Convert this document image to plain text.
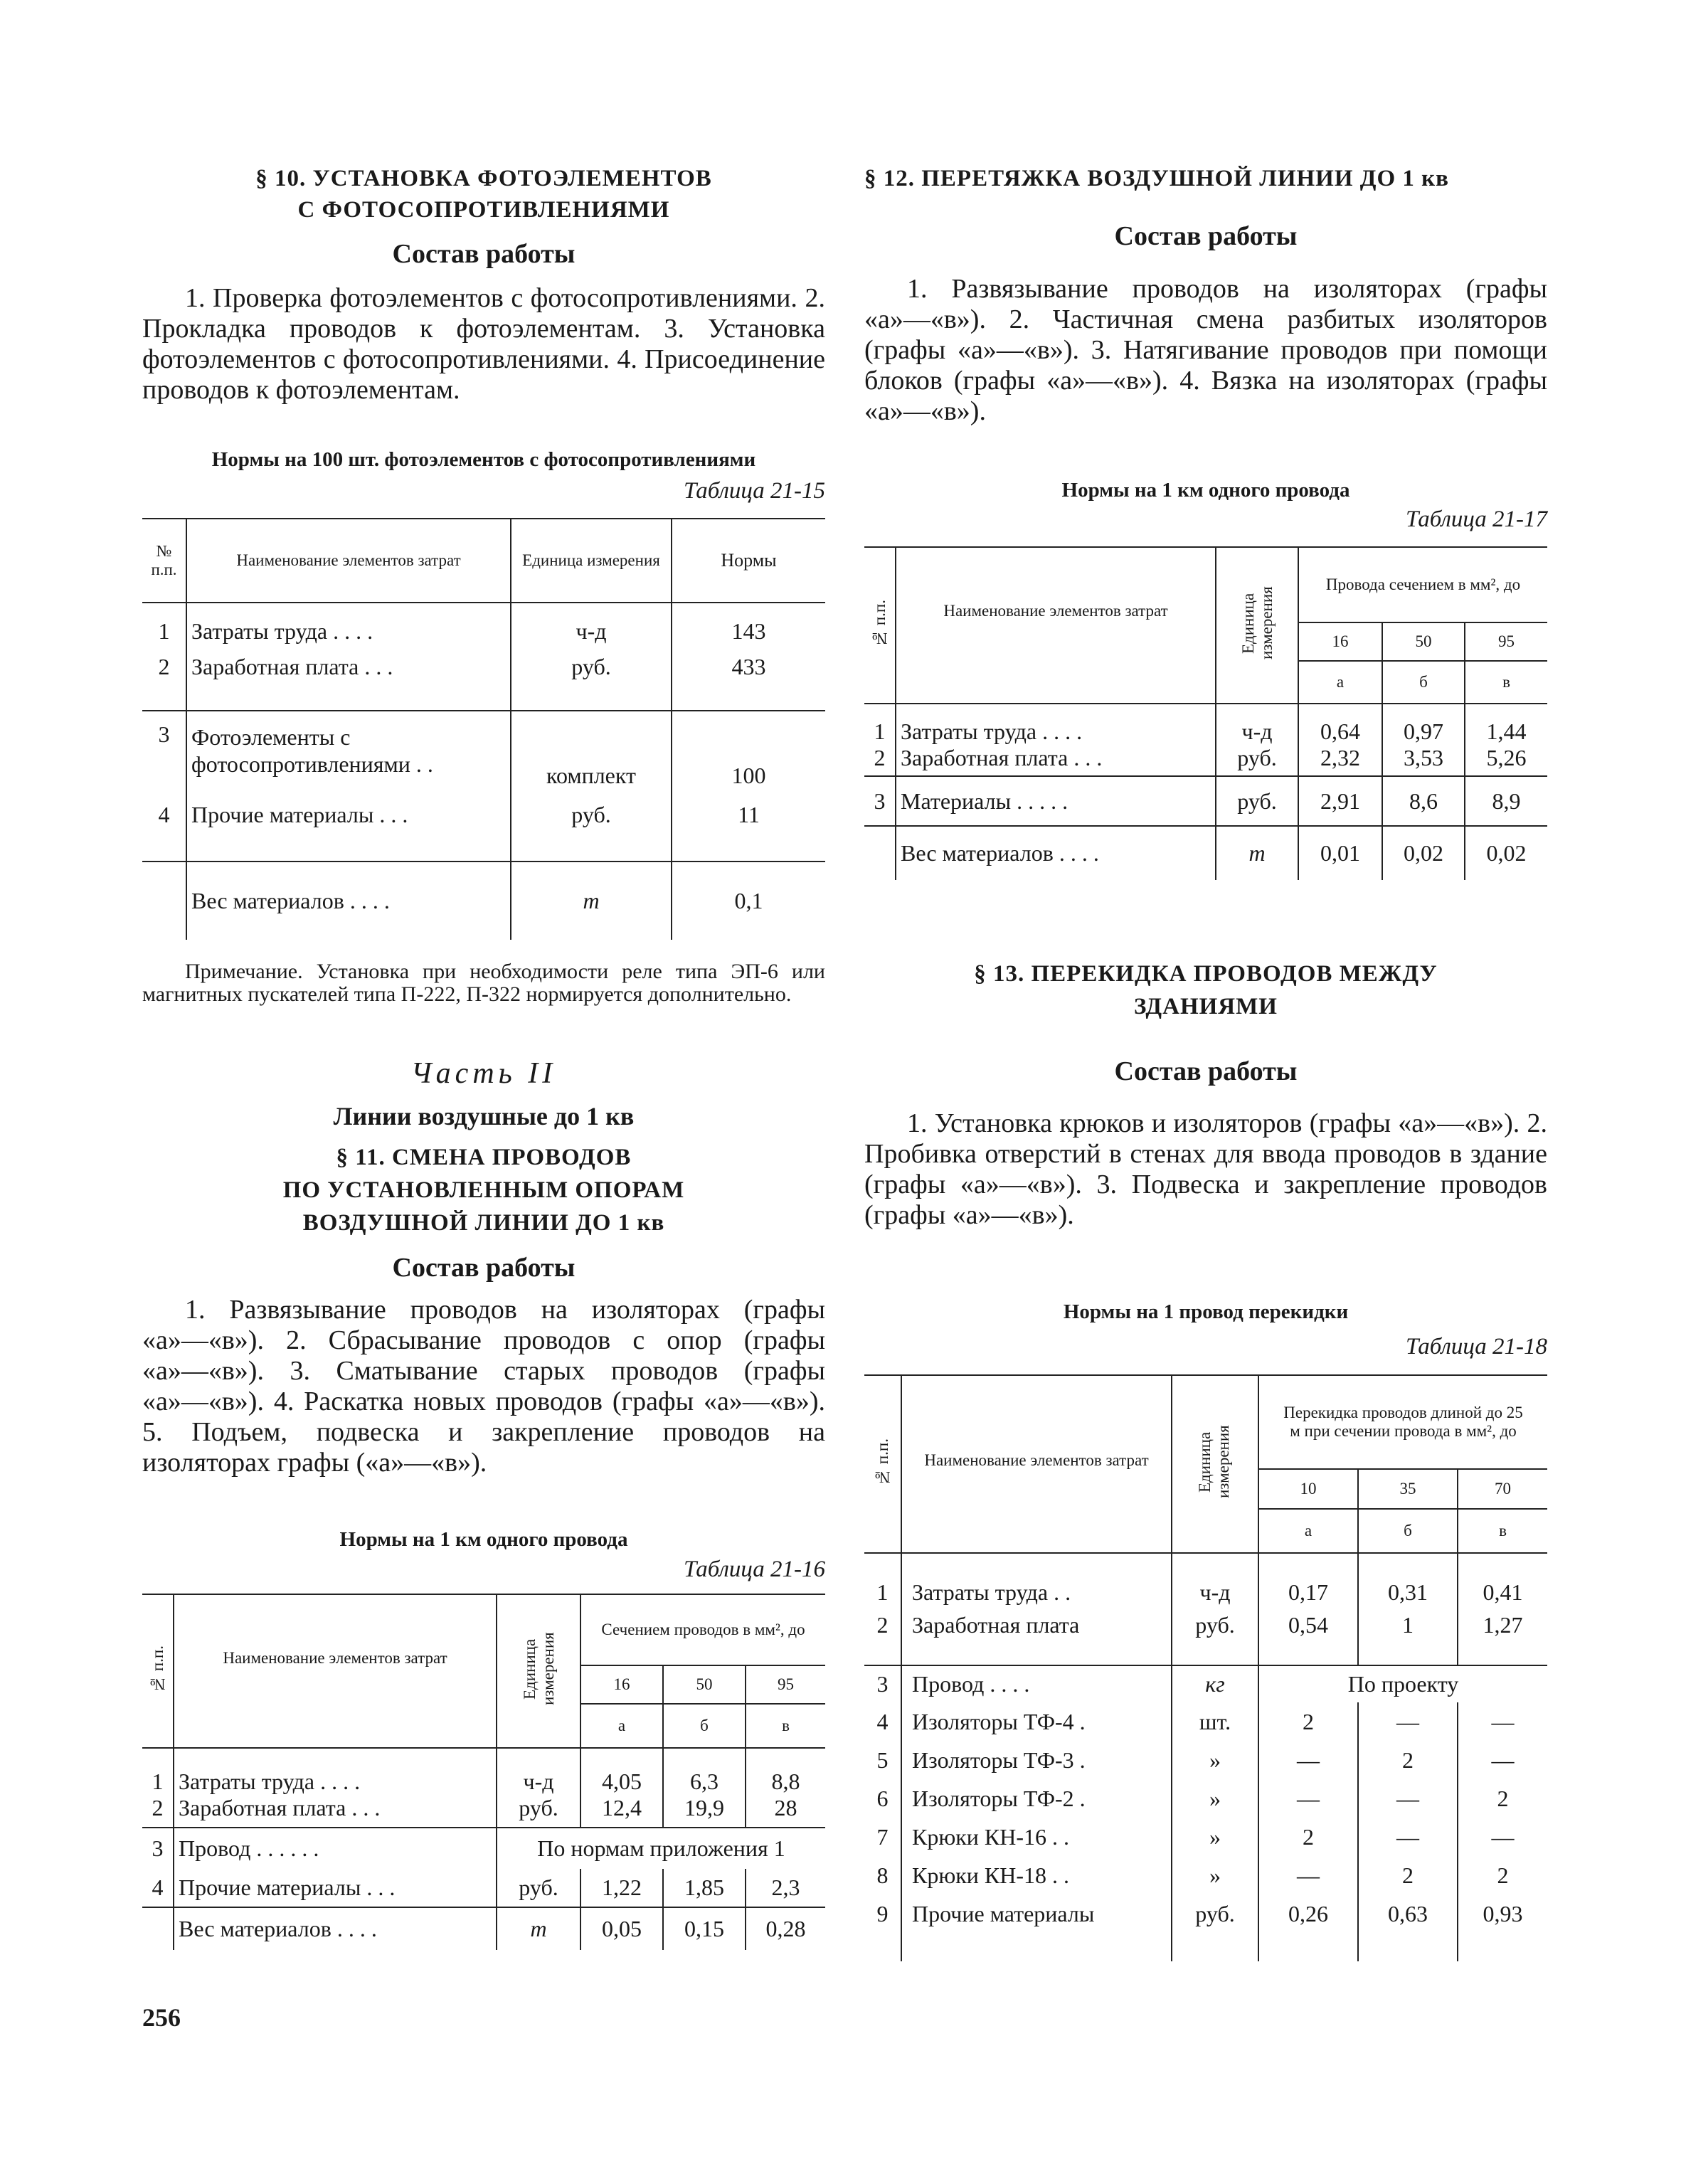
§ 10. УСТАНОВКА ФОТОЭЛЕМЕНТОВ
С ФОТОСОПРОТИВЛЕНИЯМИ
Состав работы
1. Проверка фотоэлементов с фотосопротивлениями. 2. Прокладка проводов к фотоэлементам. 3. Установка фотоэлементов с фотосопротивлениями. 4. Присоединение проводов к фотоэлементам.
Нормы на 100 шт. фотоэлементов с фотосопротивлениями
Таблица 21-15
№ п.п.	Наименование элементов затрат	Единица измерения	Нормы
1	Затраты труда . . . .	ч-д	143
2	Заработная плата . . .	руб.	433

3	Фотоэлементы с фотосопротивлениями . .	комплект	100
4	Прочие материалы . . .	руб.	11

	Вес материалов . . . .	т	0,1
Примечание. Установка при необходимости реле типа ЭП-6 или магнитных пускателей типа П-222, П-322 нормируется дополнительно.
Часть II
Линии воздушные до 1 кв
§ 11. СМЕНА ПРОВОДОВ
ПО УСТАНОВЛЕННЫМ ОПОРАМ
ВОЗДУШНОЙ ЛИНИИ ДО 1 кв
Состав работы
1. Развязывание проводов на изоляторах (графы «а»—«в»). 2. Сбрасывание проводов с опор (графы «а»—«в»). 3. Сматывание старых проводов (графы «а»—«в»). 4. Раскатка новых проводов (графы «а»—«в»). 5. Подъем, подвеска и закрепление проводов на изоляторах графы («а»—«в»).
Нормы на 1 км одного провода
Таблица 21-16
№ п.п.	Наименование элементов затрат	Единица измерения	Сечением проводов в мм², до		
			16	50	95
			а	б	в
1	Затраты труда . . . .	ч-д	4,05	6,3	8,8
2	Заработная плата . . .	руб.	12,4	19,9	28
3	Провод . . . . . .	По нормам приложения 1			
4	Прочие материалы . . .	руб.	1,22	1,85	2,3
	Вес материалов . . . .	т	0,05	0,15	0,28
256
§ 12. ПЕРЕТЯЖКА ВОЗДУШНОЙ ЛИНИИ ДО 1 кв
Состав работы
1. Развязывание проводов на изоляторах (графы «а»—«в»). 2. Частичная смена разбитых изоляторов (графы «а»—«в»). 3. Натягивание проводов при помощи блоков (графы «а»—«в»). 4. Вязка на изоляторах (графы «а»—«в»).
Нормы на 1 км одного провода
Таблица 21-17
№ п.п.	Наименование элементов затрат	Единица измерения	Провода сечением в мм², до		
			16	50	95
			а	б	в
1	Затраты труда . . . .	ч-д	0,64	0,97	1,44
2	Заработная плата . . .	руб.	2,32	3,53	5,26
3	Материалы . . . . .	руб.	2,91	8,6	8,9
	Вес материалов . . . .	т	0,01	0,02	0,02
§ 13. ПЕРЕКИДКА ПРОВОДОВ МЕЖДУ
ЗДАНИЯМИ
Состав работы
1. Установка крюков и изоляторов (графы «а»—«в»). 2. Пробивка отверстий в стенах для ввода проводов в здание (графы «а»—«в»). 3. Подвеска и закрепление проводов (графы «а»—«в»).
Нормы на 1 провод перекидки
Таблица 21-18
№ п.п.	Наименование элементов затрат	Единица измерения	Перекидка проводов длиной до 25 м при сечении провода в мм², до		
			10	35	70
			а	б	в
1	Затраты труда . .	ч-д	0,17	0,31	0,41
2	Заработная плата	руб.	0,54	1	1,27

3	Провод . . . .	кг	По проекту		
4	Изоляторы ТФ-4 .	шт.	2	—	—
5	Изоляторы ТФ-3 .	»	—	2	—
6	Изоляторы ТФ-2 .	»	—	—	2
7	Крюки КН-16 . .	»	2	—	—
8	Крюки КН-18 . .	»	—	2	2
9	Прочие материалы	руб.	0,26	0,63	0,93
